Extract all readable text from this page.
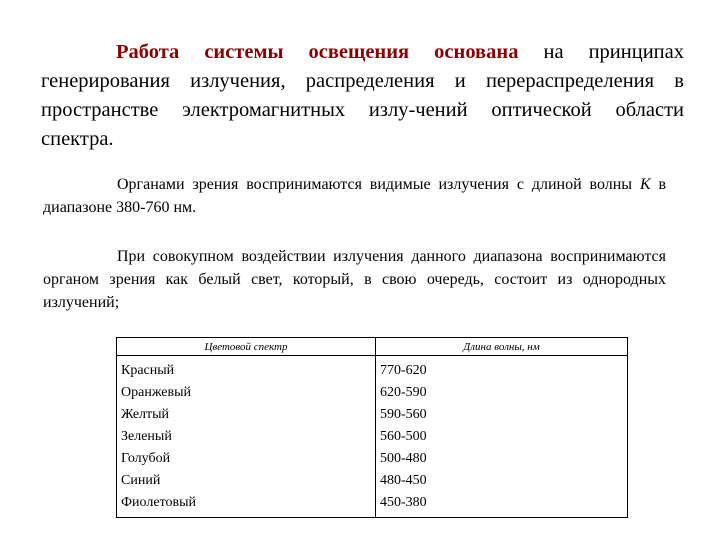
Работа системы освещения основана на принципах генерирования излучения, распределения и перераспределения в пространстве электромагнитных излу-чений оптической области спектра.
Органами зрения воспринимаются видимые излучения с длиной волны К в диапазоне 380-760 нм.
При совокупном воздействии излучения данного диапазона воспринимаются органом зрения как белый свет, который, в свою очередь, состоит из однородных излучений;
Цветовой спектр	Длина волны, нм
Красный	770-620
Оранжевый	620-590
Желтый	590-560
Зеленый	560-500
Голубой	500-480
Синий	480-450
Фиолетовый	450-380
